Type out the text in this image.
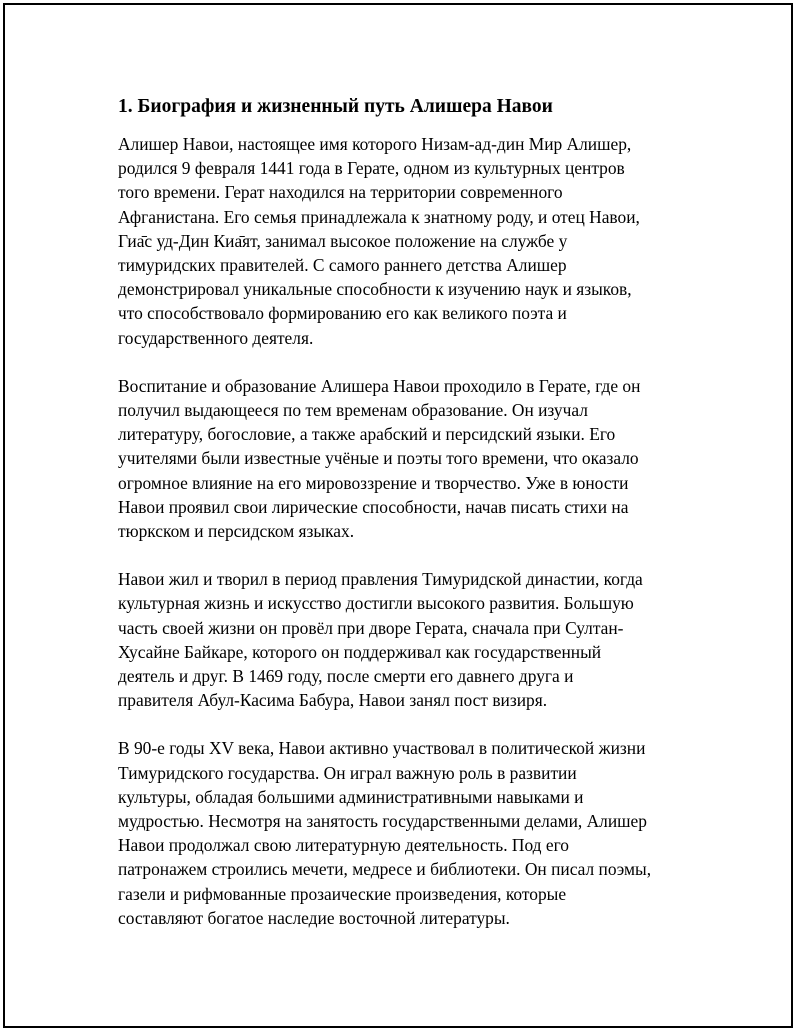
1. Биография и жизненный путь Алишера Навои
Алишер Навои, настоящее имя которого Низам-ад-дин Мир Алишер,
родился 9 февраля 1441 года в Герате, одном из культурных центров
того времени. Герат находился на территории современного
Афганистана. Его семья принадлежала к знатному роду, и отец Навои,
Гиа̄с уд-Дин Киа̄ят, занимал высокое положение на службе у
тимуридских правителей. С самого раннего детства Алишер
демонстрировал уникальные способности к изучению наук и языков,
что способствовало формированию его как великого поэта и
государственного деятеля.
Воспитание и образование Алишера Навои проходило в Герате, где он
получил выдающееся по тем временам образование. Он изучал
литературу, богословие, а также арабский и персидский языки. Его
учителями были известные учёные и поэты того времени, что оказало
огромное влияние на его мировоззрение и творчество. Уже в юности
Навои проявил свои лирические способности, начав писать стихи на
тюркском и персидском языках.
Навои жил и творил в период правления Тимуридской династии, когда
культурная жизнь и искусство достигли высокого развития. Большую
часть своей жизни он провёл при дворе Герата, сначала при Султан-
Хусайне Байкаре, которого он поддерживал как государственный
деятель и друг. В 1469 году, после смерти его давнего друга и
правителя Абул-Касима Бабура, Навои занял пост визиря.
В 90-е годы XV века, Навои активно участвовал в политической жизни
Тимуридского государства. Он играл важную роль в развитии
культуры, обладая большими административными навыками и
мудростью. Несмотря на занятость государственными делами, Алишер
Навои продолжал свою литературную деятельность. Под его
патронажем строились мечети, медресе и библиотеки. Он писал поэмы,
газели и рифмованные прозаические произведения, которые
составляют богатое наследие восточной литературы.
